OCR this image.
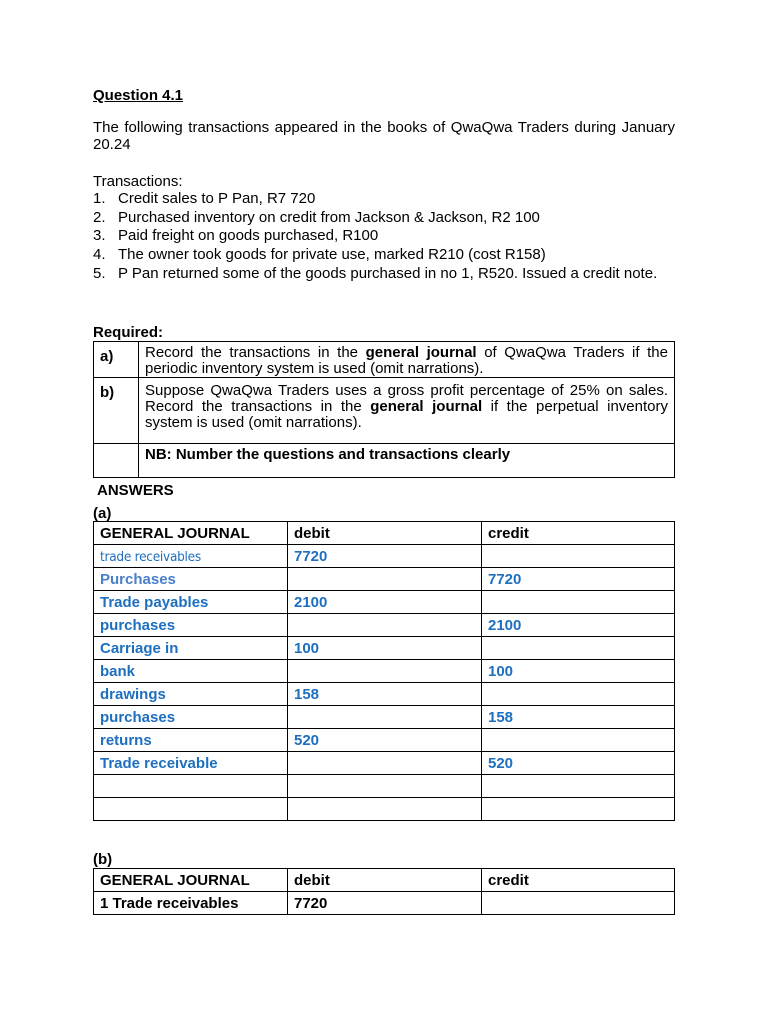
Question 4.1
The following transactions appeared in the books of QwaQwa Traders during January 20.24
Transactions:
1. Credit sales to P Pan, R7 720
2. Purchased inventory on credit from Jackson & Jackson, R2 100
3. Paid freight on goods purchased, R100
4. The owner took goods for private use, marked R210 (cost R158)
5. P Pan returned some of the goods purchased in no 1, R520. Issued a credit note.
Required:
a)	Record the transactions in the general journal of QwaQwa Traders if the periodic inventory system is used (omit narrations).
b)	Suppose QwaQwa Traders uses a gross profit percentage of 25% on sales. Record the transactions in the general journal if the perpetual inventory system is used (omit narrations).
	NB: Number the questions and transactions clearly
ANSWERS
(a)
GENERAL JOURNAL	debit	credit
trade receivables	7720	
Purchases		7720
Trade payables	2100	
purchases		2100
Carriage in	100	
bank		100
drawings	158	
purchases		158
returns	520	
Trade receivable		520

(b)
GENERAL JOURNAL	debit	credit
1 Trade receivables	7720	
